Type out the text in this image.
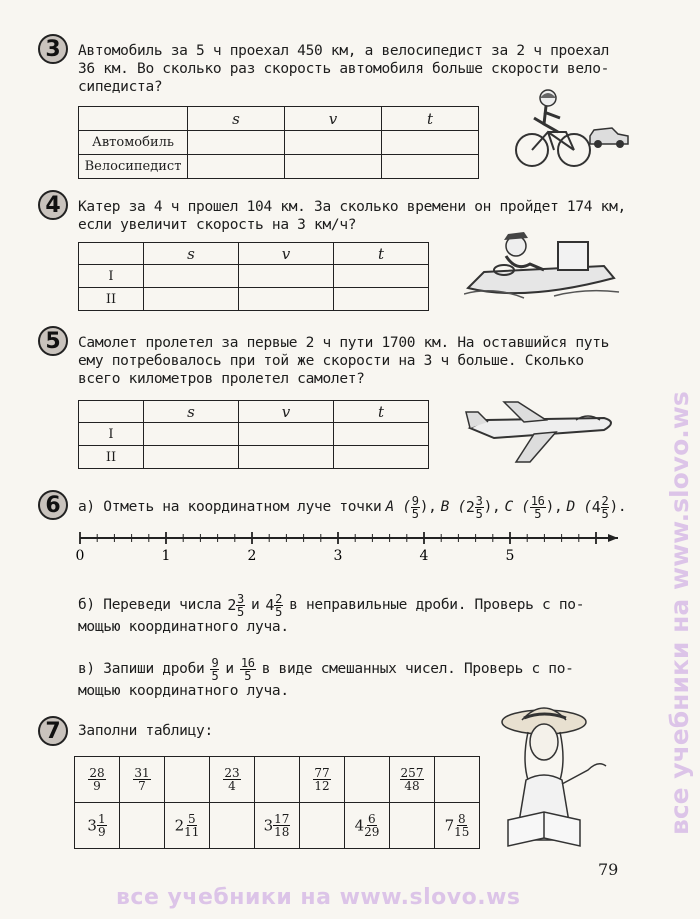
3	Автомобиль за 5 ч проехал 450 км, а велосипедист за 2 ч проехал
36 км. Во сколько раз скорость автомобиля больше скорости вело-
сипедиста?
	s	v	t
Автомобиль			
Велосипедист			
4	Катер за 4 ч прошел 104 км. За сколько времени он пройдет 174 км,
если увеличит скорость на 3 км/ч?
	s	v	t
I			
II			
5	Самолет пролетел за первые 2 ч пути 1700 км. На оставшийся путь
ему потребовалось при той же скорости на 3 ч больше. Сколько
всего километров пролетел самолет?
	s	v	t
I			
II			
6	а) Отметь на координатном луче точки A ( $\frac{9}{5}$ ), B ($2 \frac{3}{5}$ ), C ( $\frac{16}{5}$ ), D ($4 \frac{2}{5}$ ).
0	1	2	3	4	5
б) Переведи числа $2 \frac{3}{5}$ и $4 \frac{2}{5}$ в неправильные дроби. Проверь с по-
мощью координатного луча.
в) Запиши дроби $\frac{9}{5}$ и $\frac{16}{5}$ в виде смешанных чисел. Проверь с по-
мощью координатного луча.
7	Заполни таблицу:
$\frac{28}{9}$	$\frac{31}{7}$		$\frac{23}{4}$		$\frac{77}{12}$		$\frac{257}{48}$

$3 \frac{1}{9}$		$2 \frac{5}{11}$		$3 \frac{17}{18}$		$4 \frac{6}{29}$		$7 \frac{8}{15}$
79
все учебники на www.slovo.ws
все учебники на www.slovo.ws
